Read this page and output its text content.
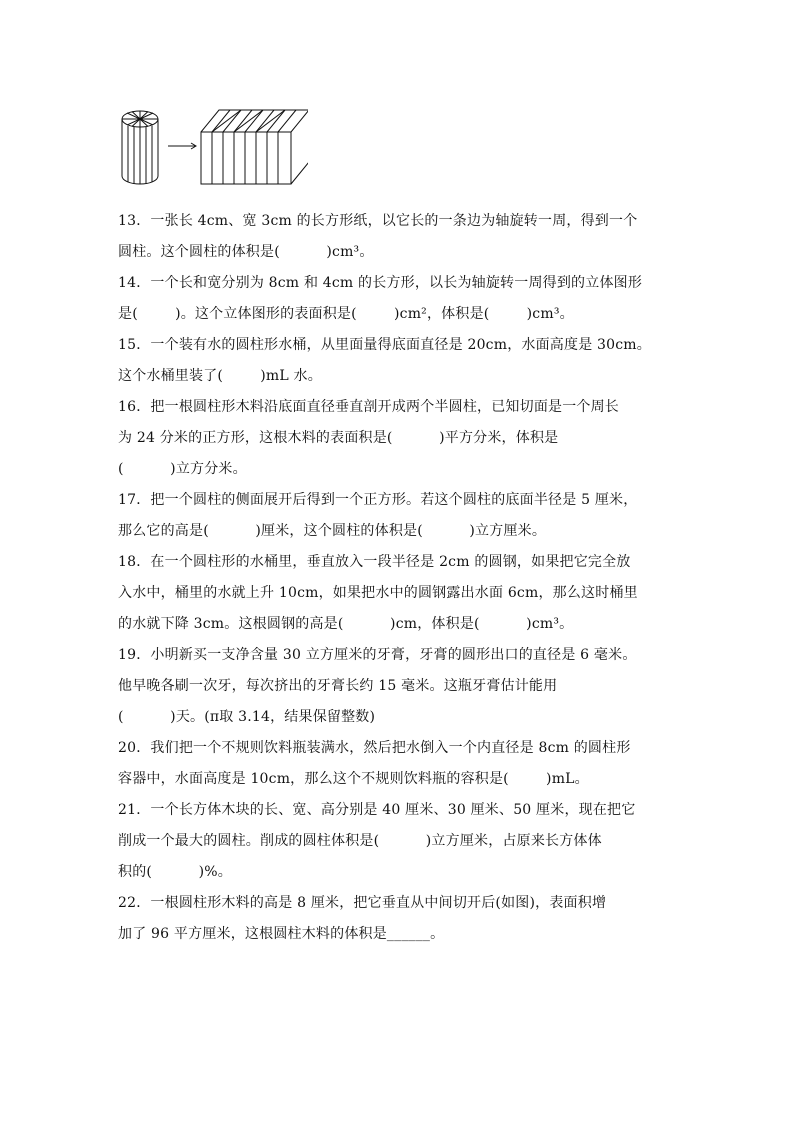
13．一张长 4cm、宽 3cm 的长方形纸，以它长的一条边为轴旋转一周，得到一个
圆柱。这个圆柱的体积是(          )cm³。
14．一个长和宽分别为 8cm 和 4cm 的长方形，以长为轴旋转一周得到的立体图形
是(        )。这个立体图形的表面积是(        )cm²，体积是(        )cm³。
15．一个装有水的圆柱形水桶，从里面量得底面直径是 20cm，水面高度是 30cm。
这个水桶里装了(        )mL 水。
16．把一根圆柱形木料沿底面直径垂直剖开成两个半圆柱，已知切面是一个周长
为 24 分米的正方形，这根木料的表面积是(          )平方分米，体积是
(          )立方分米。
17．把一个圆柱的侧面展开后得到一个正方形。若这个圆柱的底面半径是 5 厘米，
那么它的高是(          )厘米，这个圆柱的体积是(          )立方厘米。
18．在一个圆柱形的水桶里，垂直放入一段半径是 2cm 的圆钢，如果把它完全放
入水中，桶里的水就上升 10cm，如果把水中的圆钢露出水面 6cm，那么这时桶里
的水就下降 3cm。这根圆钢的高是(          )cm，体积是(          )cm³。
19．小明新买一支净含量 30 立方厘米的牙膏，牙膏的圆形出口的直径是 6 毫米。
他早晚各刷一次牙，每次挤出的牙膏长约 15 毫米。这瓶牙膏估计能用
(          )天。(π取 3.14，结果保留整数)
20．我们把一个不规则饮料瓶装满水，然后把水倒入一个内直径是 8cm 的圆柱形
容器中，水面高度是 10cm，那么这个不规则饮料瓶的容积是(        )mL。
21．一个长方体木块的长、宽、高分别是 40 厘米、30 厘米、50 厘米，现在把它
削成一个最大的圆柱。削成的圆柱体积是(          )立方厘米，占原来长方体体
积的(          )%。
22．一根圆柱形木料的高是 8 厘米，把它垂直从中间切开后(如图)，表面积增
加了 96 平方厘米，这根圆柱木料的体积是______。
